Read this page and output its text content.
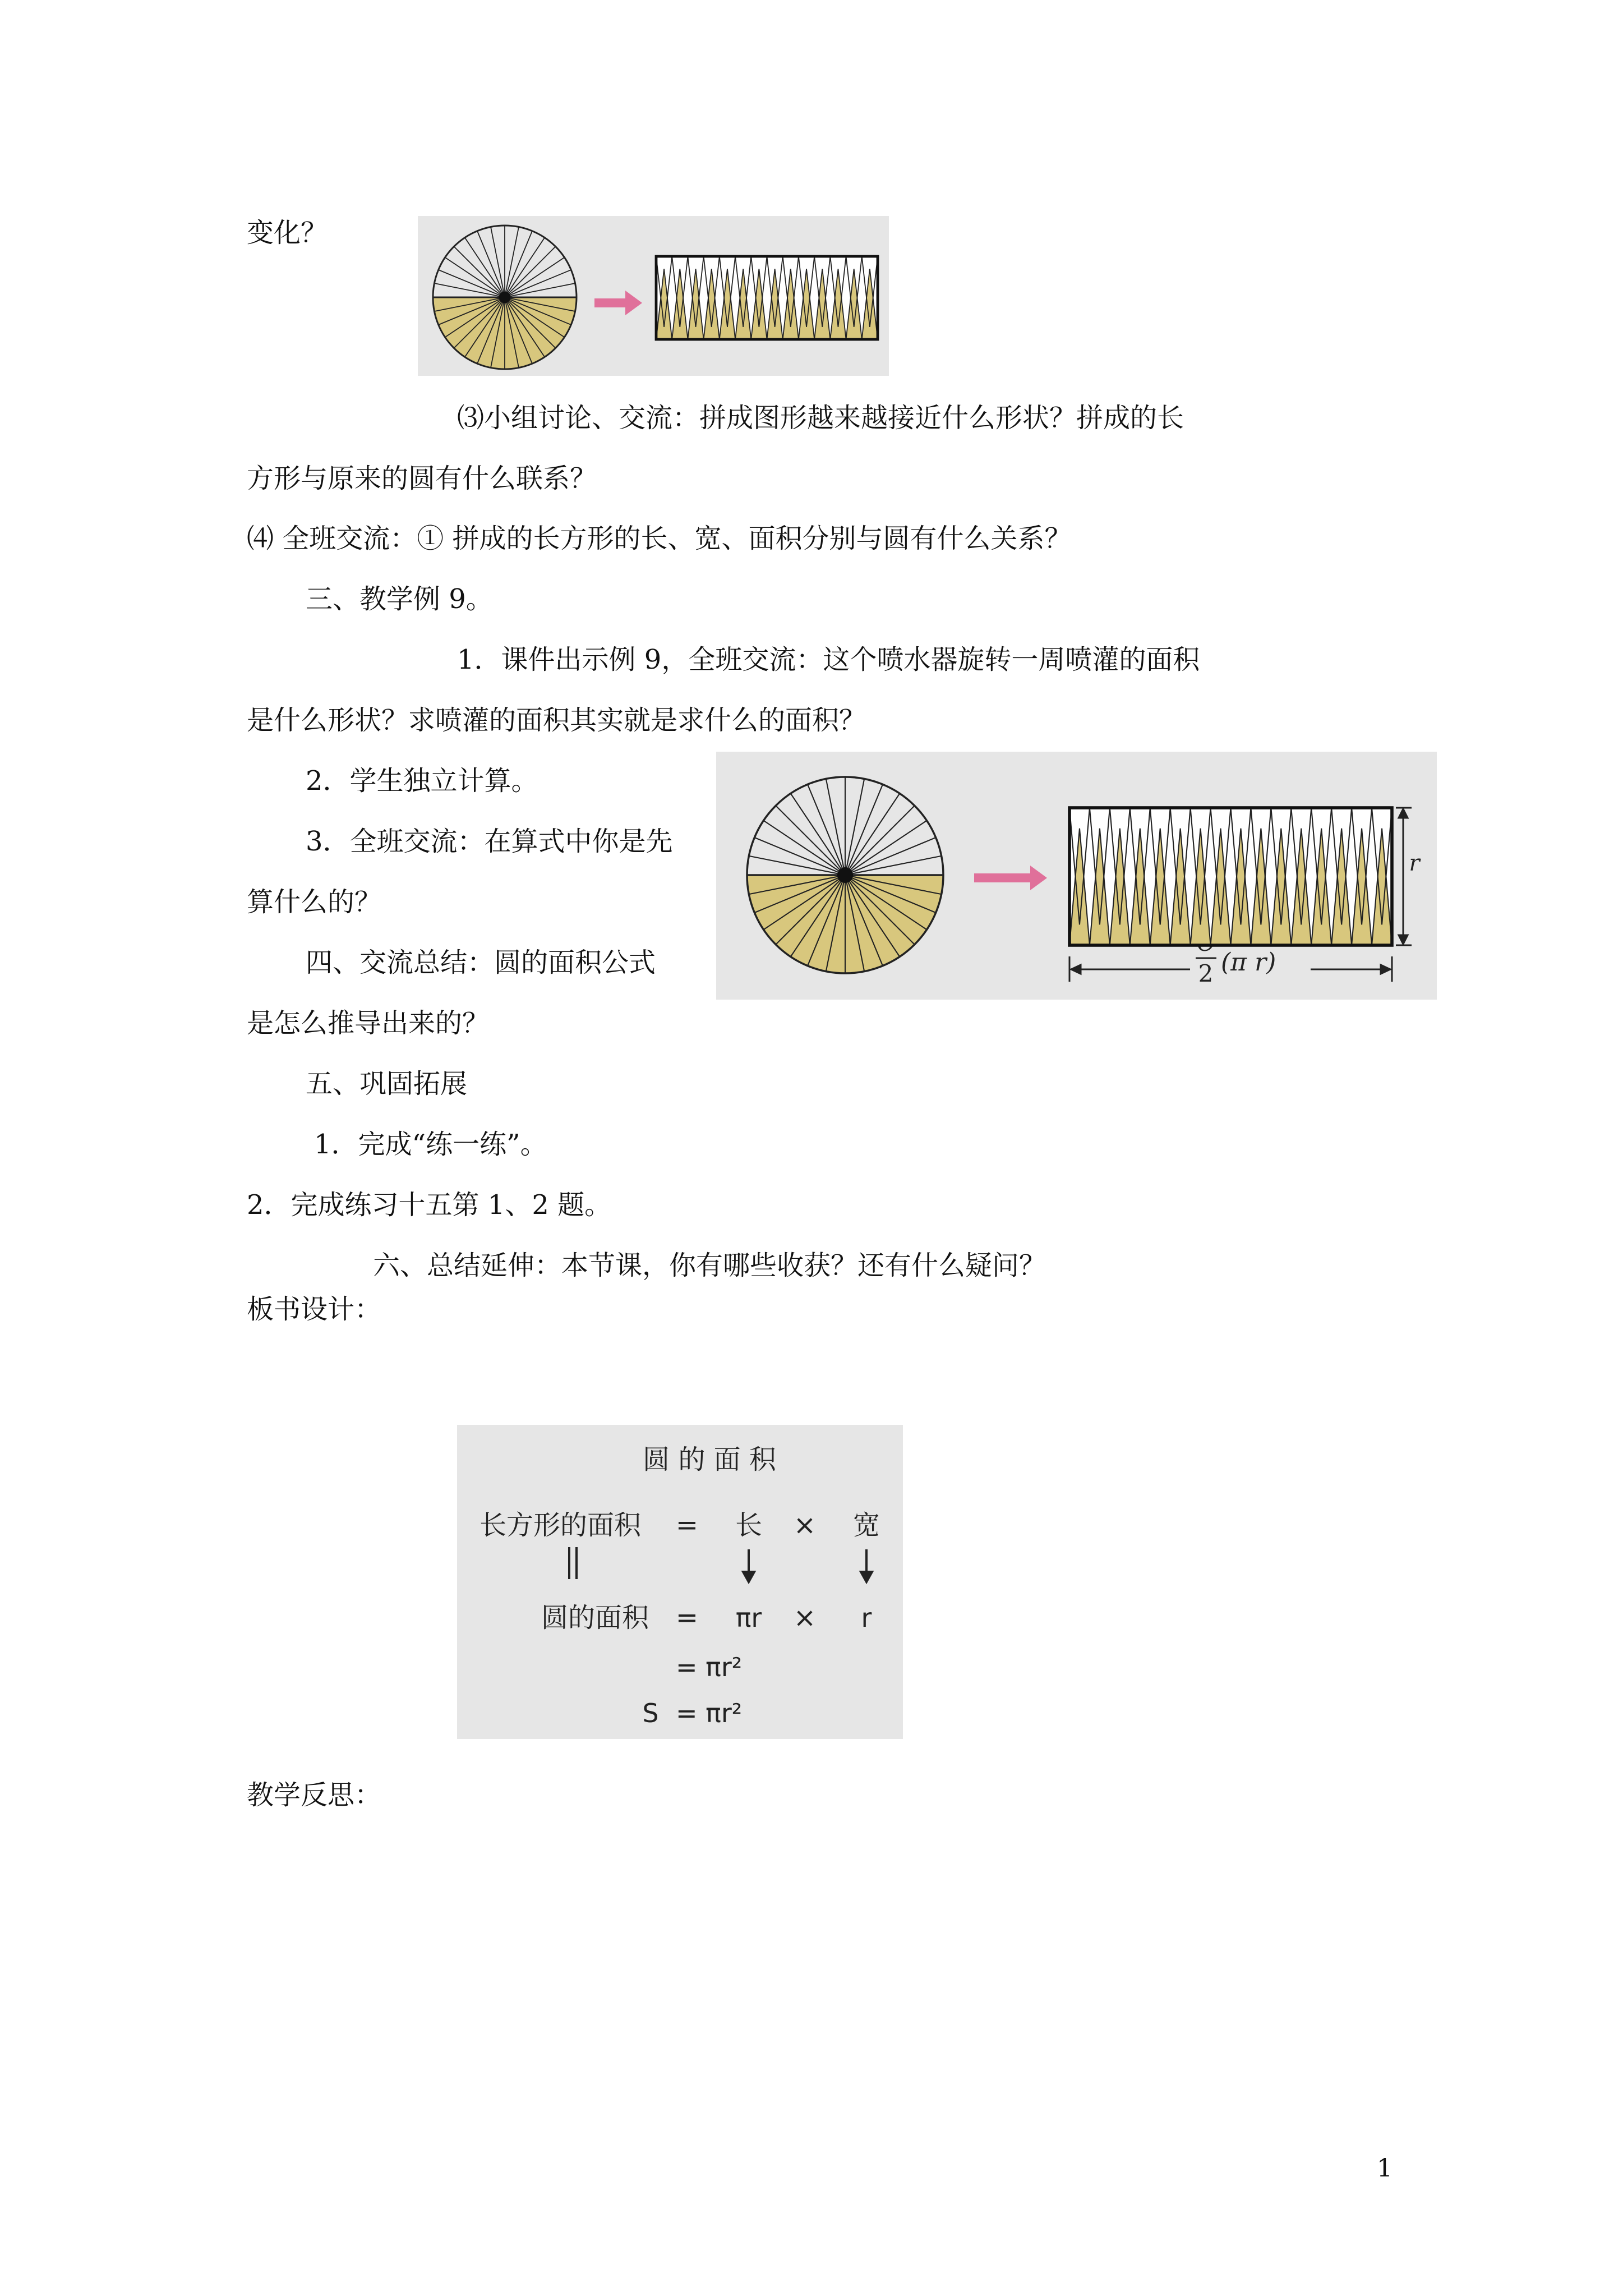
变化？
⑶小组讨论、交流：拼成图形越来越接近什么形状？拼成的长
方形与原来的圆有什么联系？
⑷ 全班交流：① 拼成的长方形的长、宽、面积分别与圆有什么关系？
三、教学例 9。
1．课件出示例 9，全班交流：这个喷水器旋转一周喷灌的面积
是什么形状？求喷灌的面积其实就是求什么的面积？
2．学生独立计算。
r
2 (π r)
3．全班交流：在算式中你是先
算什么的？
四、交流总结：圆的面积公式
是怎么推导出来的？
五、巩固拓展
1．完成“练一练”。
2．完成练习十五第 1、2 题。
六、总结延伸：本节课，你有哪些收获？还有什么疑问？
板书设计：
圆 的 面 积
长方形的面积 = 长 × 宽
圆的面积 = πr × r
= πr²
S = πr²
教学反思：
1
